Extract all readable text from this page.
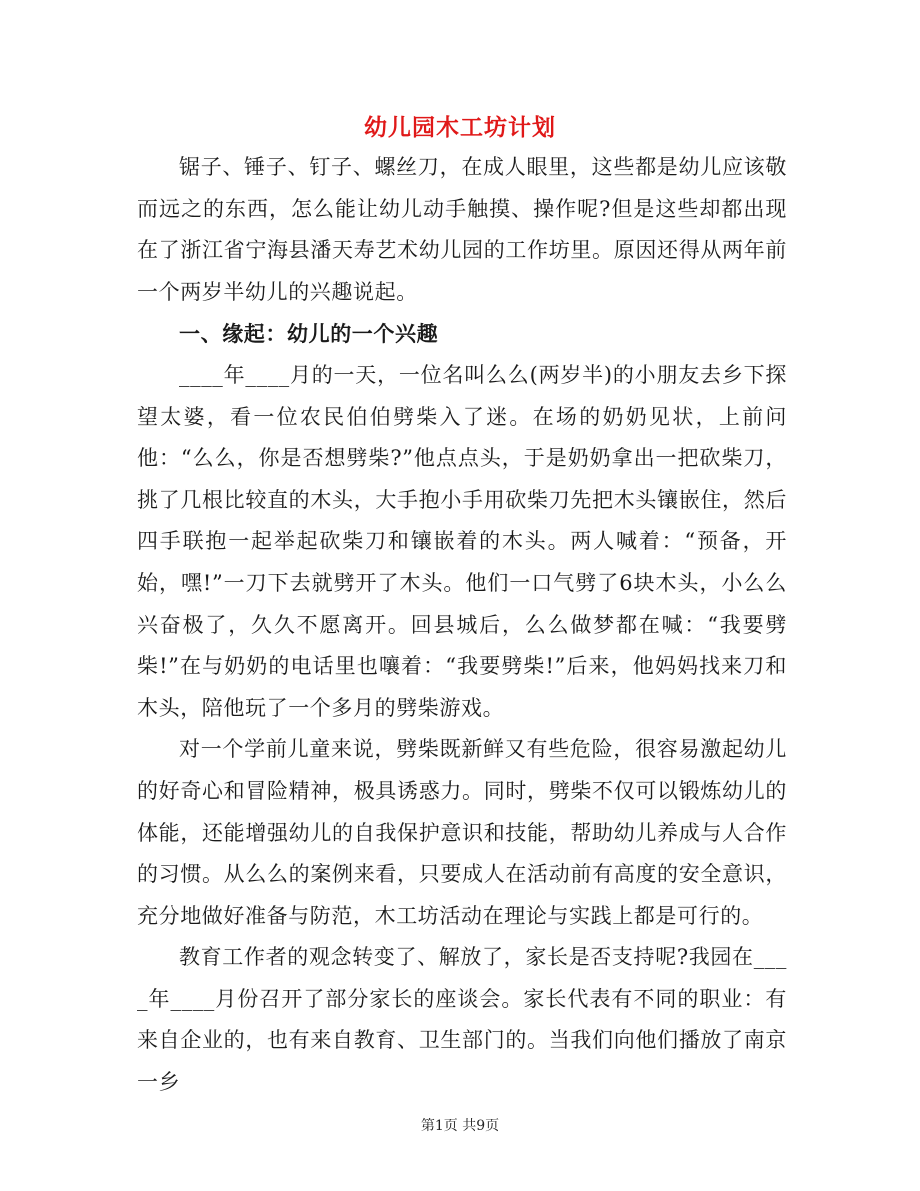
幼儿园木工坊计划

锯子、锤子、钉子、螺丝刀，在成人眼里，这些都是幼儿应该敬而远之的东西，怎么能让幼儿动手触摸、操作呢?但是这些却都出现在了浙江省宁海县潘天寿艺术幼儿园的工作坊里。原因还得从两年前一个两岁半幼儿的兴趣说起。

一、缘起：幼儿的一个兴趣

____年____月的一天，一位名叫么么(两岁半)的小朋友去乡下探望太婆，看一位农民伯伯劈柴入了迷。在场的奶奶见状，上前问他：“么么，你是否想劈柴?”他点点头，于是奶奶拿出一把砍柴刀，挑了几根比较直的木头，大手抱小手用砍柴刀先把木头镶嵌住，然后四手联抱一起举起砍柴刀和镶嵌着的木头。两人喊着：“预备，开始，嘿!”一刀下去就劈开了木头。他们一口气劈了6块木头，小么么兴奋极了，久久不愿离开。回县城后，么么做梦都在喊：“我要劈柴!”在与奶奶的电话里也嚷着：“我要劈柴!”后来，他妈妈找来刀和木头，陪他玩了一个多月的劈柴游戏。

对一个学前儿童来说，劈柴既新鲜又有些危险，很容易激起幼儿的好奇心和冒险精神，极具诱惑力。同时，劈柴不仅可以锻炼幼儿的体能，还能增强幼儿的自我保护意识和技能，帮助幼儿养成与人合作的习惯。从么么的案例来看，只要成人在活动前有高度的安全意识，充分地做好准备与防范，木工坊活动在理论与实践上都是可行的。

教育工作者的观念转变了、解放了，家长是否支持呢?我园在____年____月份召开了部分家长的座谈会。家长代表有不同的职业：有来自企业的，也有来自教育、卫生部门的。当我们向他们播放了南京一乡

第1页 共9页
